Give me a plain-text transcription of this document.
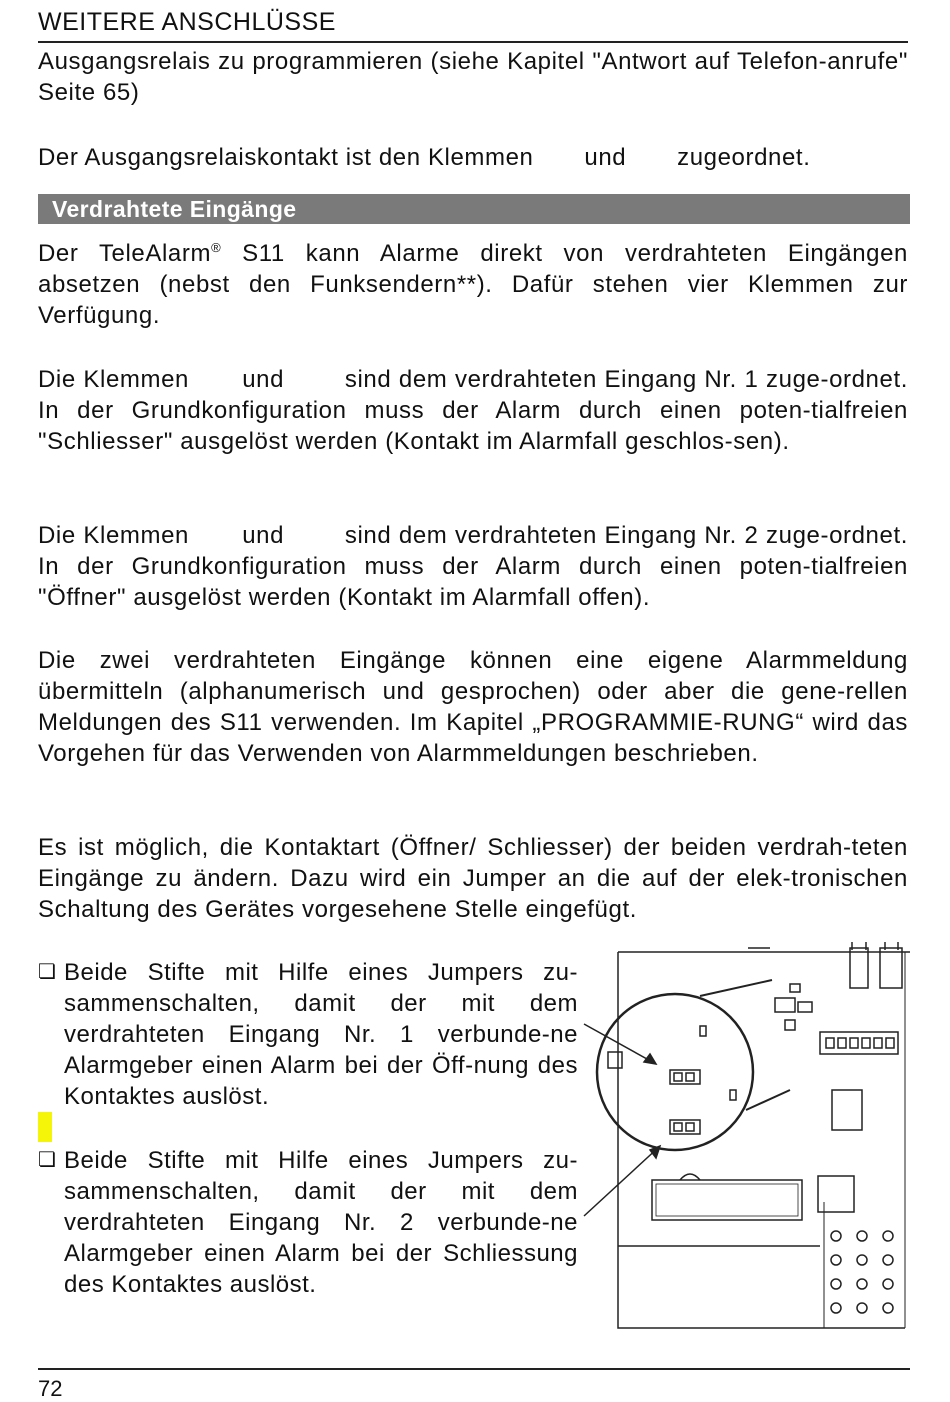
WEITERE ANSCHLÜSSE

Ausgangsrelais zu programmieren (siehe Kapitel "Antwort auf Telefon-anrufe" Seite 65)

Der Ausgangsrelaiskontakt ist den Klemmen       und       zugeordnet.

Verdrahtete Eingänge

Der TeleAlarm® S11 kann Alarme direkt von verdrahteten Eingängen absetzen (nebst den Funksendern**). Dafür stehen vier Klemmen zur Verfügung.

Die Klemmen       und        sind dem verdrahteten Eingang Nr. 1 zuge-ordnet. In der Grundkonfiguration muss der Alarm durch einen poten-tialfreien "Schliesser" ausgelöst werden (Kontakt im Alarmfall geschlos-sen).

Die Klemmen       und        sind dem verdrahteten Eingang Nr. 2 zuge-ordnet. In der Grundkonfiguration muss der Alarm durch einen poten-tialfreien "Öffner" ausgelöst werden (Kontakt im Alarmfall offen).

Die zwei verdrahteten Eingänge können eine eigene Alarmmeldung übermitteln (alphanumerisch und gesprochen) oder aber die gene-rellen Meldungen des S11 verwenden. Im Kapitel „PROGRAMMIE-RUNG“ wird das Vorgehen für das Verwenden von Alarmmeldungen beschrieben.

Es ist möglich, die Kontaktart (Öffner/ Schliesser) der beiden verdrah-teten Eingänge zu ändern. Dazu wird ein Jumper an die auf der elek-tronischen Schaltung des Gerätes vorgesehene Stelle eingefügt.

❏ Beide Stifte mit Hilfe eines Jumpers zu-sammenschalten, damit der mit dem verdrahteten Eingang Nr. 1 verbunde-ne Alarmgeber einen Alarm bei der Öff-nung des Kontaktes auslöst.
❏ Beide Stifte mit Hilfe eines Jumpers zu-sammenschalten, damit der mit dem verdrahteten Eingang Nr. 2 verbunde-ne Alarmgeber einen Alarm bei der Schliessung des Kontaktes auslöst.
72
